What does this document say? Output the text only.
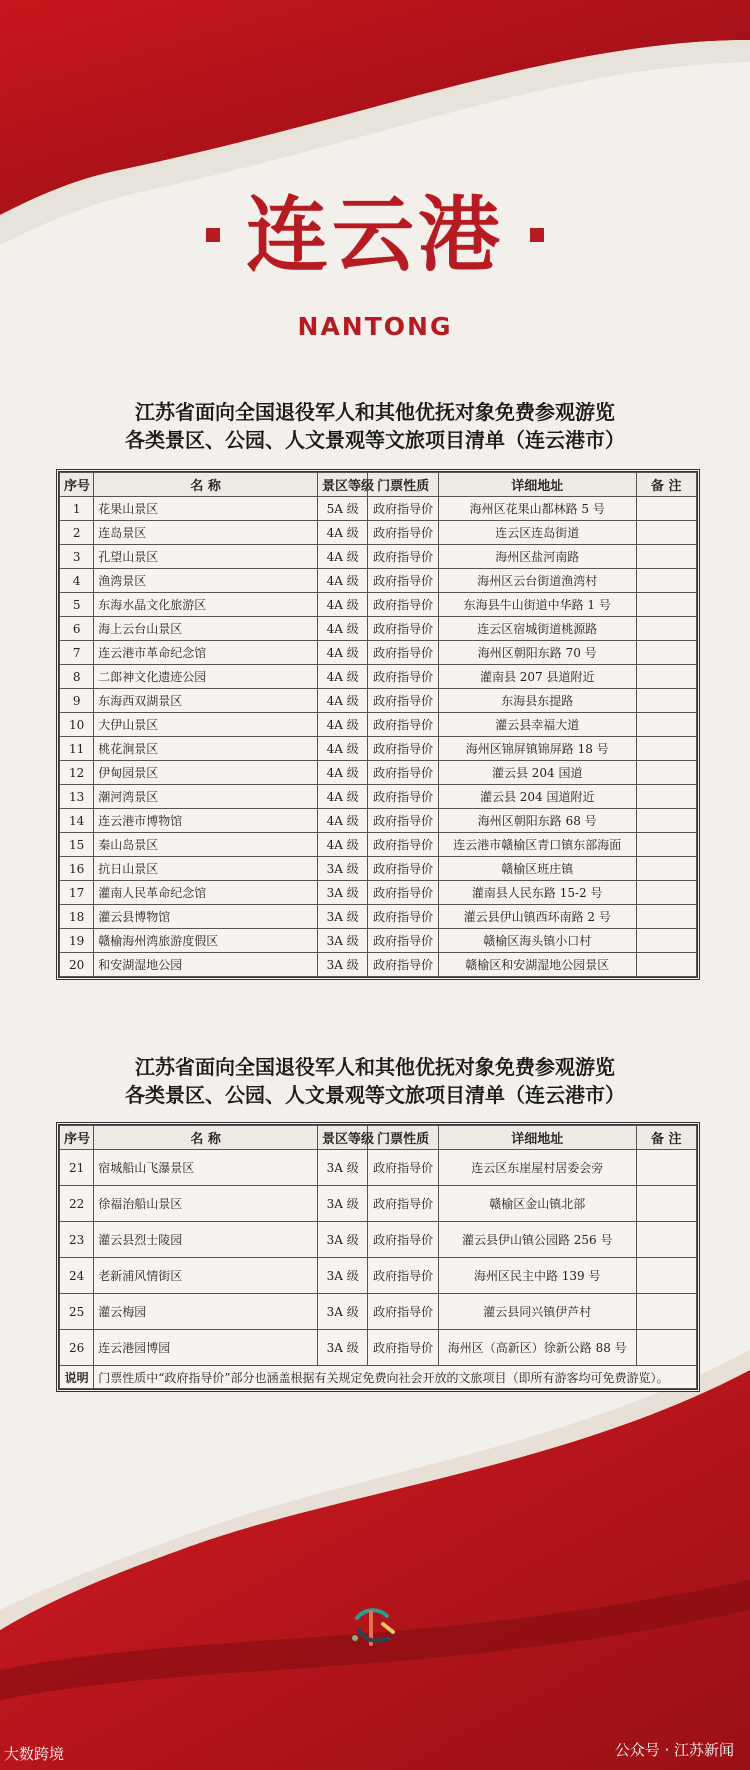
连云港
NANTONG
江苏省面向全国退役军人和其他优抚对象免费参观游览
各类景区、公园、人文景观等文旅项目清单（连云港市）
序号	名 称	景区等级	门票性质	详细地址	备 注
1	花果山景区	5A 级	政府指导价	海州区花果山都林路 5 号	
2	连岛景区	4A 级	政府指导价	连云区连岛街道	
3	孔望山景区	4A 级	政府指导价	海州区盐河南路	
4	渔湾景区	4A 级	政府指导价	海州区云台街道渔湾村	
5	东海水晶文化旅游区	4A 级	政府指导价	东海县牛山街道中华路 1 号	
6	海上云台山景区	4A 级	政府指导价	连云区宿城街道桃源路	
7	连云港市革命纪念馆	4A 级	政府指导价	海州区朝阳东路 70 号	
8	二郎神文化遗迹公园	4A 级	政府指导价	灌南县 207 县道附近	
9	东海西双湖景区	4A 级	政府指导价	东海县东提路	
10	大伊山景区	4A 级	政府指导价	灌云县幸福大道	
11	桃花涧景区	4A 级	政府指导价	海州区锦屏镇锦屏路 18 号	
12	伊甸园景区	4A 级	政府指导价	灌云县 204 国道	
13	潮河湾景区	4A 级	政府指导价	灌云县 204 国道附近	
14	连云港市博物馆	4A 级	政府指导价	海州区朝阳东路 68 号	
15	秦山岛景区	4A 级	政府指导价	连云港市赣榆区青口镇东部海面	
16	抗日山景区	3A 级	政府指导价	赣榆区班庄镇	
17	灌南人民革命纪念馆	3A 级	政府指导价	灌南县人民东路 15-2 号	
18	灌云县博物馆	3A 级	政府指导价	灌云县伊山镇西环南路 2 号	
19	赣榆海州湾旅游度假区	3A 级	政府指导价	赣榆区海头镇小口村	
20	和安湖湿地公园	3A 级	政府指导价	赣榆区和安湖湿地公园景区	
江苏省面向全国退役军人和其他优抚对象免费参观游览
各类景区、公园、人文景观等文旅项目清单（连云港市）
序号	名 称	景区等级	门票性质	详细地址	备 注
21	宿城船山飞瀑景区	3A 级	政府指导价	连云区东崖屋村居委会旁	
22	徐福治船山景区	3A 级	政府指导价	赣榆区金山镇北部	
23	灌云县烈士陵园	3A 级	政府指导价	灌云县伊山镇公园路 256 号	
24	老新浦风情街区	3A 级	政府指导价	海州区民主中路 139 号	
25	灌云梅园	3A 级	政府指导价	灌云县同兴镇伊芦村	
26	连云港园博园	3A 级	政府指导价	海州区（高新区）徐新公路 88 号	
说明	门票性质中“政府指导价”部分也涵盖根据有关规定免费向社会开放的文旅项目（即所有游客均可免费游览）。				
大数跨境	公众号 · 江苏新闻
